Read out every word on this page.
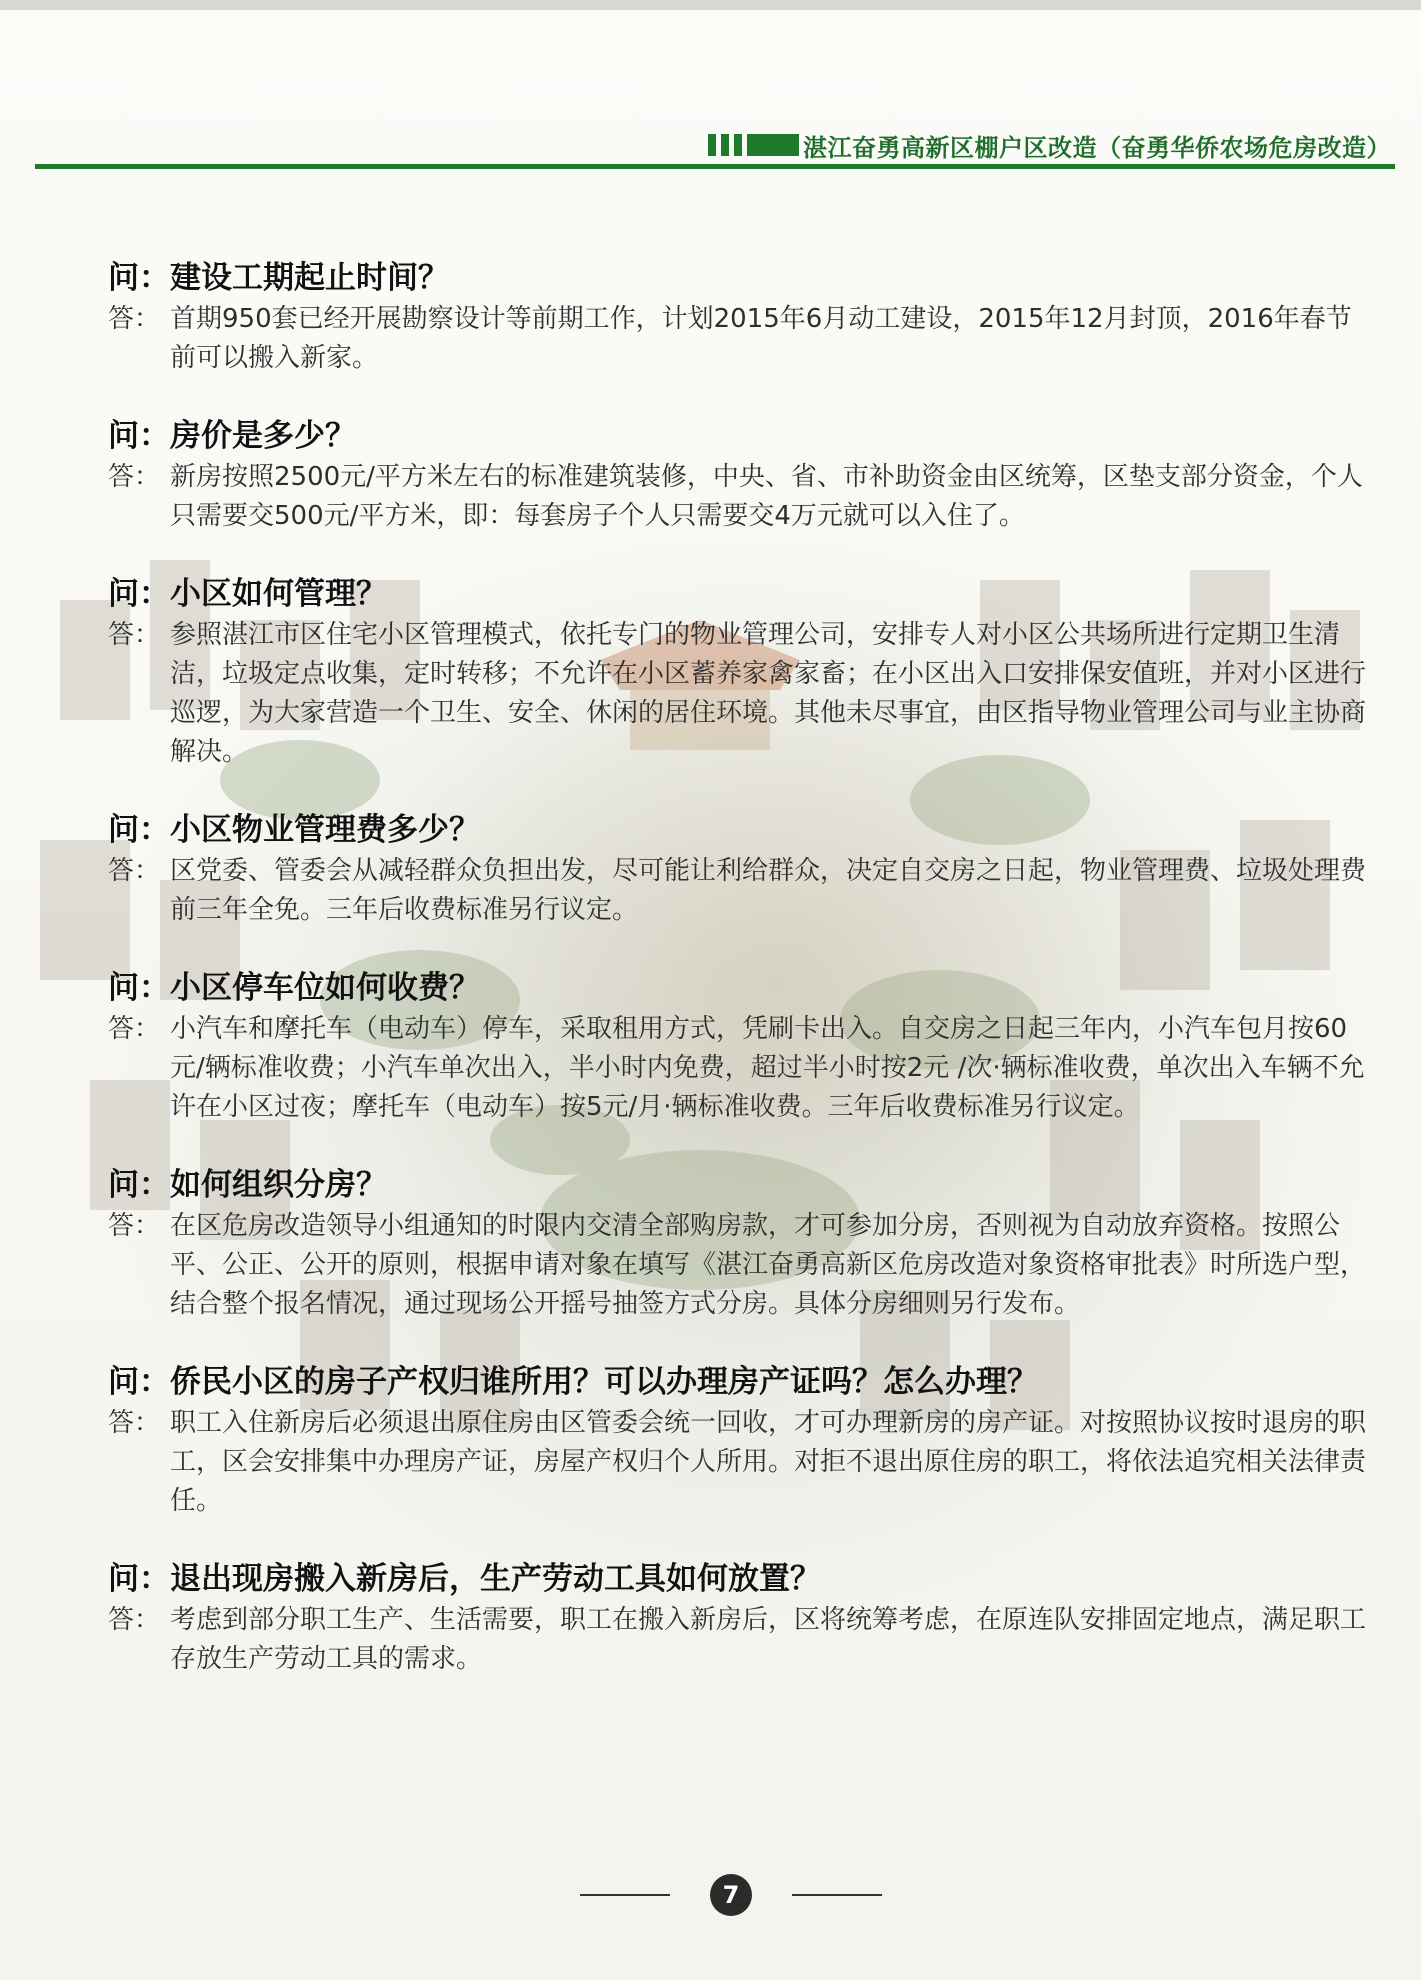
湛江奋勇高新区棚户区改造（奋勇华侨农场危房改造）
问：建设工期起止时间？
答： 首期950套已经开展勘察设计等前期工作，计划2015年6月动工建设，2015年12月封顶，2016年春节前可以搬入新家。
问：房价是多少？
答： 新房按照2500元/平方米左右的标准建筑装修，中央、省、市补助资金由区统筹，区垫支部分资金，个人只需要交500元/平方米，即：每套房子个人只需要交4万元就可以入住了。
问：小区如何管理？
答： 参照湛江市区住宅小区管理模式，依托专门的物业管理公司，安排专人对小区公共场所进行定期卫生清洁，垃圾定点收集，定时转移；不允许在小区蓄养家禽家畜；在小区出入口安排保安值班，并对小区进行巡逻，为大家营造一个卫生、安全、休闲的居住环境。其他未尽事宜，由区指导物业管理公司与业主协商解决。
问：小区物业管理费多少？
答： 区党委、管委会从减轻群众负担出发，尽可能让利给群众，决定自交房之日起，物业管理费、垃圾处理费前三年全免。三年后收费标准另行议定。
问：小区停车位如何收费？
答： 小汽车和摩托车（电动车）停车，采取租用方式，凭刷卡出入。自交房之日起三年内，小汽车包月按60元/辆标准收费；小汽车单次出入，半小时内免费，超过半小时按2元 /次·辆标准收费，单次出入车辆不允许在小区过夜；摩托车（电动车）按5元/月·辆标准收费。三年后收费标准另行议定。
问：如何组织分房？
答： 在区危房改造领导小组通知的时限内交清全部购房款，才可参加分房，否则视为自动放弃资格。按照公平、公正、公开的原则，根据申请对象在填写《湛江奋勇高新区危房改造对象资格审批表》时所选户型，结合整个报名情况，通过现场公开摇号抽签方式分房。具体分房细则另行发布。
问：侨民小区的房子产权归谁所用？可以办理房产证吗？怎么办理？
答： 职工入住新房后必须退出原住房由区管委会统一回收，才可办理新房的房产证。对按照协议按时退房的职工，区会安排集中办理房产证，房屋产权归个人所用。对拒不退出原住房的职工，将依法追究相关法律责任。
问：退出现房搬入新房后，生产劳动工具如何放置？
答： 考虑到部分职工生产、生活需要，职工在搬入新房后，区将统筹考虑，在原连队安排固定地点，满足职工存放生产劳动工具的需求。
7
